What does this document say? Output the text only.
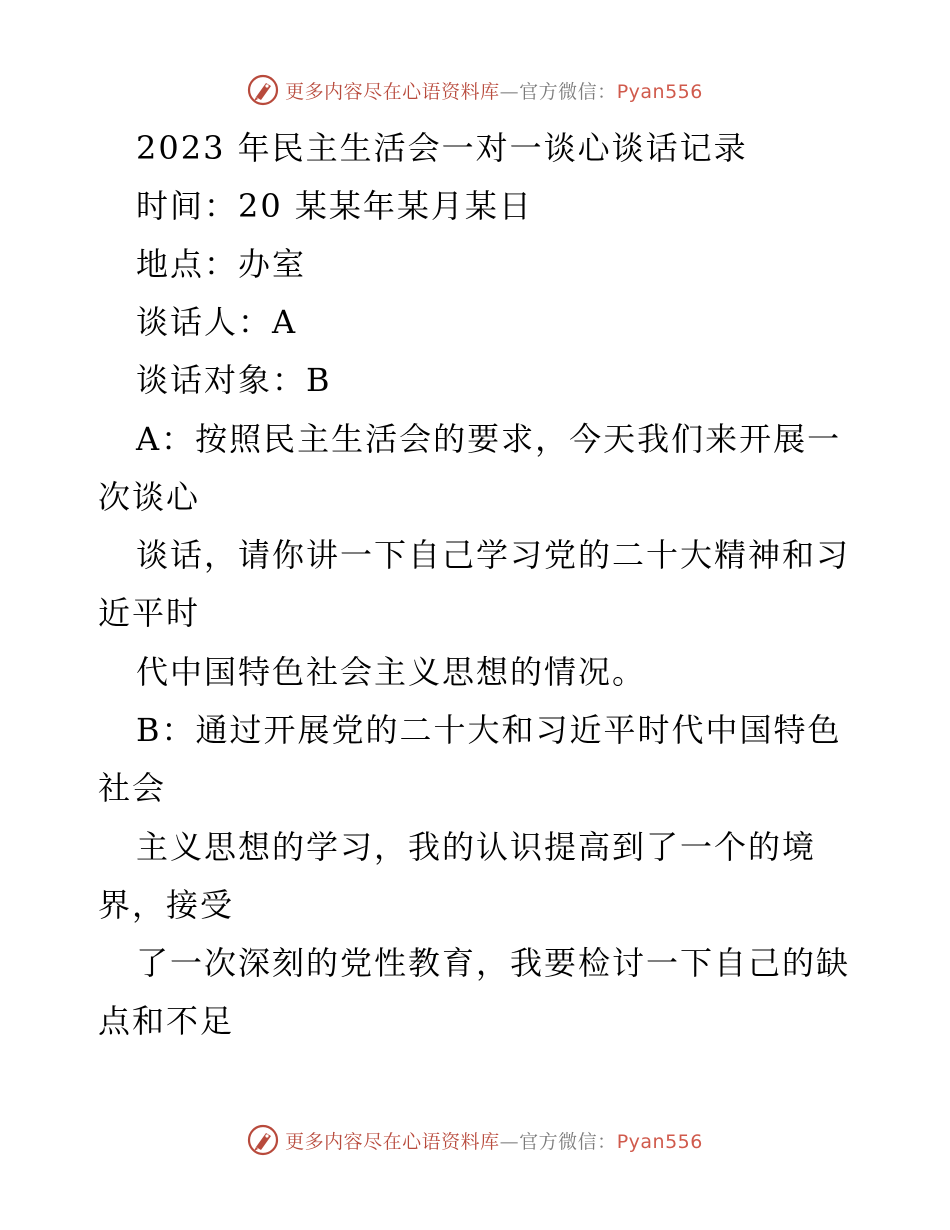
更多内容尽在心语资料库—官方微信：Pyan556
2023 年民主生活会一对一谈心谈话记录
时间：20 某某年某月某日
地点：办室
谈话人：A
谈话对象：B
A：按照民主生活会的要求，今天我们来开展一
次谈心
谈话，请你讲一下自己学习党的二十大精神和习
近平时
代中国特色社会主义思想的情况。
B：通过开展党的二十大和习近平时代中国特色
社会
主义思想的学习，我的认识提高到了一个的境
界，接受
了一次深刻的党性教育，我要检讨一下自己的缺
点和不足
更多内容尽在心语资料库—官方微信：Pyan556
